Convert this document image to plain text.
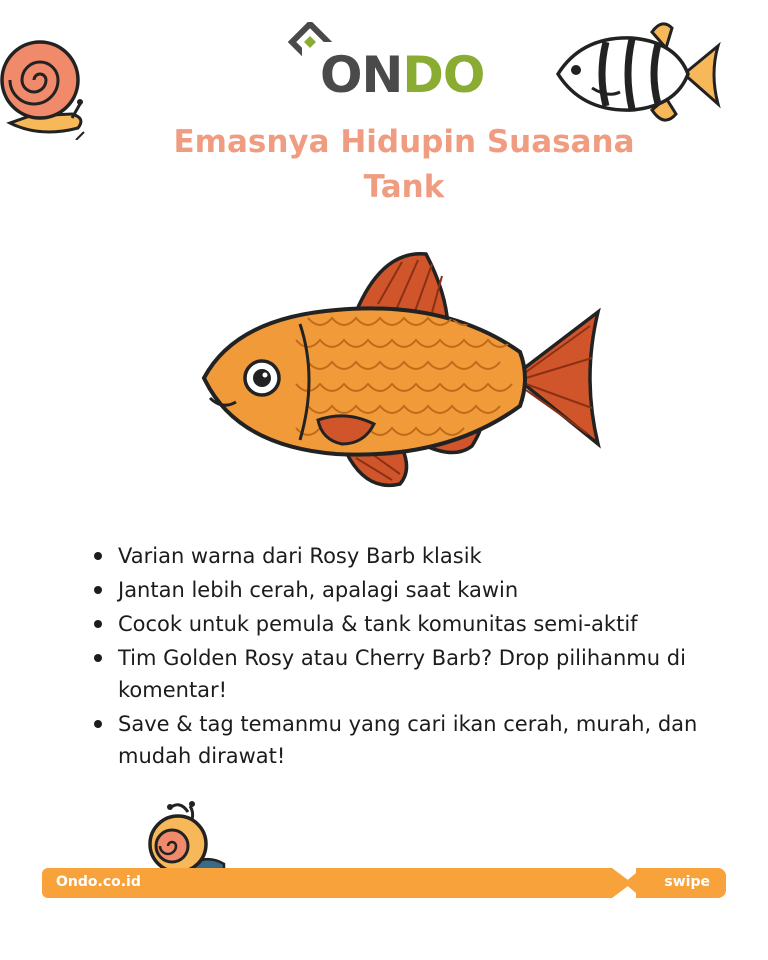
ONDO
Emasnya Hidupin Suasana
Tank
Varian warna dari Rosy Barb klasik
Jantan lebih cerah, apalagi saat kawin
Cocok untuk pemula & tank komunitas semi-aktif
Tim Golden Rosy atau Cherry Barb? Drop pilihanmu di komentar!
Save & tag temanmu yang cari ikan cerah, murah, dan mudah dirawat!
Ondo.co.id	swipe
